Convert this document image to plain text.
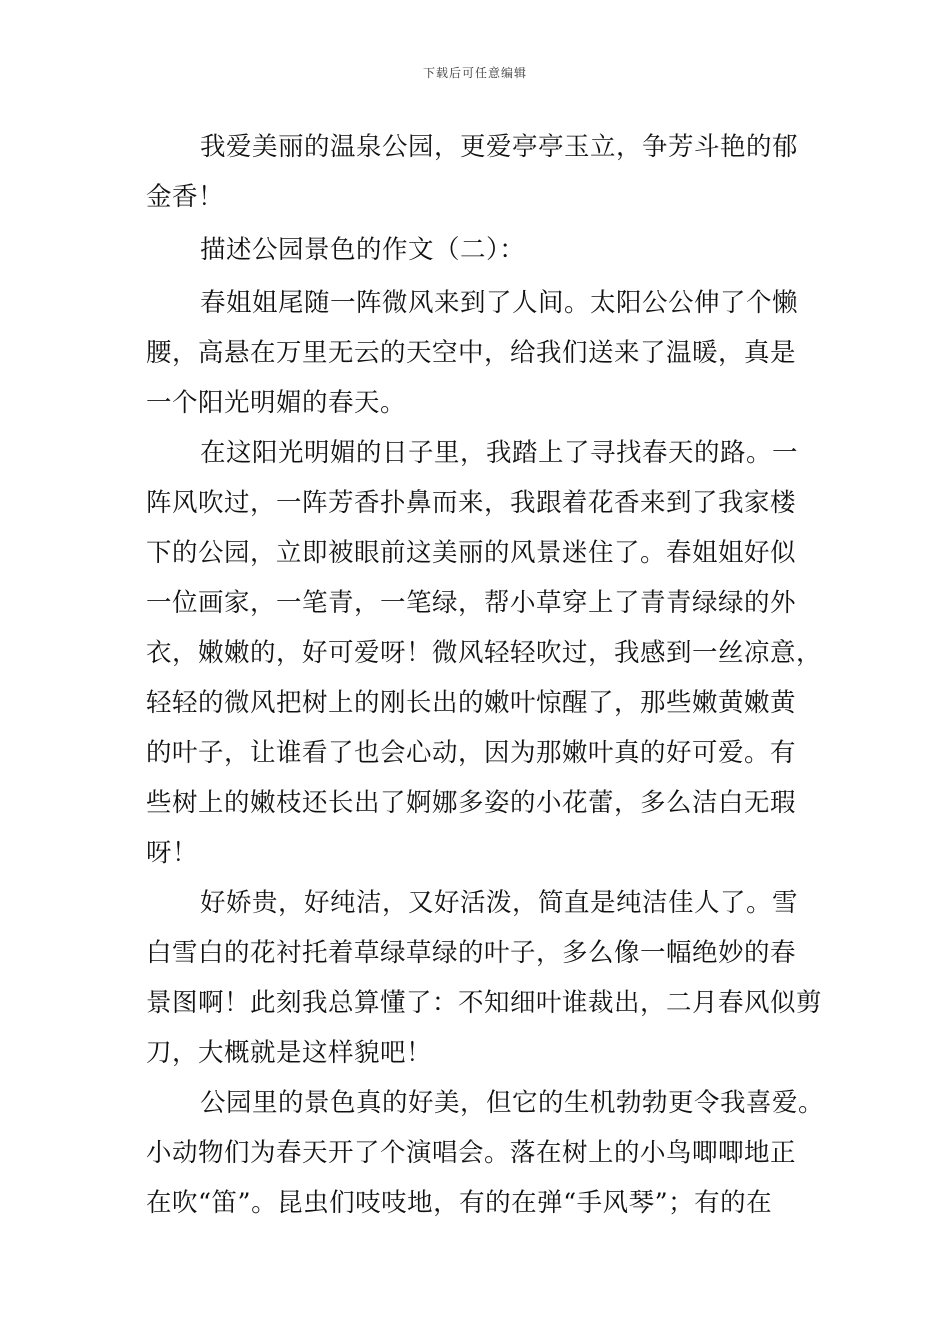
下载后可任意编辑
我爱美丽的温泉公园，更爱亭亭玉立，争芳斗艳的郁
金香！
描述公园景色的作文（二）：
春姐姐尾随一阵微风来到了人间。太阳公公伸了个懒
腰，高悬在万里无云的天空中，给我们送来了温暖，真是
一个阳光明媚的春天。
在这阳光明媚的日子里，我踏上了寻找春天的路。一
阵风吹过，一阵芳香扑鼻而来，我跟着花香来到了我家楼
下的公园，立即被眼前这美丽的风景迷住了。春姐姐好似
一位画家，一笔青，一笔绿，帮小草穿上了青青绿绿的外
衣，嫩嫩的，好可爱呀！微风轻轻吹过，我感到一丝凉意，
轻轻的微风把树上的刚长出的嫩叶惊醒了，那些嫩黄嫩黄
的叶子，让谁看了也会心动，因为那嫩叶真的好可爱。有
些树上的嫩枝还长出了婀娜多姿的小花蕾，多么洁白无瑕
呀！
好娇贵，好纯洁，又好活泼，简直是纯洁佳人了。雪
白雪白的花衬托着草绿草绿的叶子，多么像一幅绝妙的春
景图啊！此刻我总算懂了：不知细叶谁裁出，二月春风似剪
刀，大概就是这样貌吧！
公园里的景色真的好美，但它的生机勃勃更令我喜爱。
小动物们为春天开了个演唱会。落在树上的小鸟唧唧地正
在吹“笛”。昆虫们吱吱地，有的在弹“手风琴”；有的在
